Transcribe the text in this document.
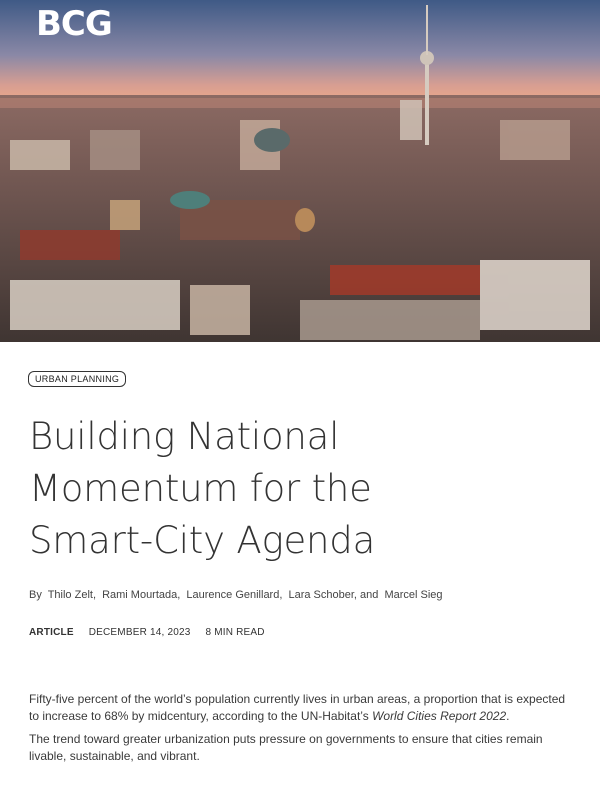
BCG
URBAN PLANNING
Building National
Momentum for the
Smart-City Agenda
By Thilo Zelt, Rami Mourtada, Laurence Genillard, Lara Schober, and Marcel Sieg
ARTICLE DECEMBER 14, 2023 8 MIN READ

Fifty-five percent of the world’s population currently lives in urban areas, a proportion that is expected to increase to 68% by midcentury, according to the UN-Habitat’s World Cities Report 2022.

The trend toward greater urbanization puts pressure on governments to ensure that cities remain livable, sustainable, and vibrant.
